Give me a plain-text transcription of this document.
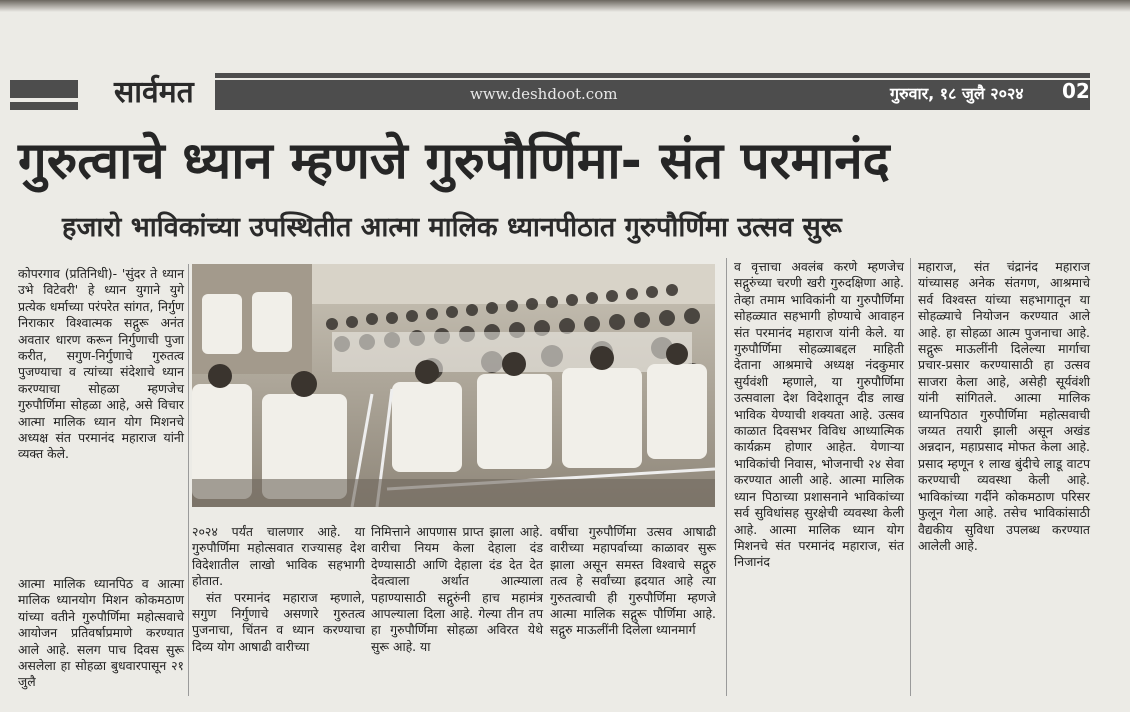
सार्वमत	www.deshdoot.com	गुरुवार, १८ जुलै २०२४ 02
गुरुत्वाचे ध्यान म्हणजे गुरुपौर्णिमा- संत परमानंद
हजारो भाविकांच्या उपस्थितीत आत्मा मालिक ध्यानपीठात गुरुपौर्णिमा उत्सव सुरू

कोपरगाव (प्रतिनिधी)- 'सुंदर ते ध्यान उभे विटेवरी' हे ध्यान युगाने युगे प्रत्येक धर्माच्या परंपरेत सांगत, निर्गुण निराकार विश्वात्मक सद्गुरू अनंत अवतार धारण करून निर्गुणाची पुजा करीत, सगुण-निर्गुणाचे गुरुतत्व पुजण्याचा व त्यांच्या संदेशाचे ध्यान करण्याचा सोहळा म्हणजेच गुरुपौर्णिमा सोहळा आहे, असे विचार आत्मा मालिक ध्यान योग मिशनचे अध्यक्ष संत परमानंद महाराज यांनी व्यक्त केले.

आत्मा मालिक ध्यानपिठ व आत्मा मालिक ध्यानयोग मिशन कोकमठाण यांच्या वतीने गुरुपौर्णिमा महोत्सवाचे आयोजन प्रतिवर्षाप्रमाणे करण्यात आले आहे. सलग पाच दिवस सुरू असलेला हा सोहळा बुधवारपासून २१ जुलै

२०२४ पर्यंत चालणार आहे. या गुरुपौर्णिमा महोत्सवात राज्यासह देश विदेशातील लाखो भाविक सहभागी होतात.

संत परमानंद महाराज म्हणाले, सगुण निर्गुणाचे असणारे गुरुतत्व पुजनाचा, चिंतन व ध्यान करण्याचा दिव्य योग आषाढी वारीच्या

निमित्ताने आपणास प्राप्त झाला आहे. वारीचा नियम केला देहाला दंड देण्यासाठी आणि देहाला दंड देत देत देवत्वाला अर्थात आत्म्याला पहाण्यासाठी सद्गुरुंनी हाच महामंत्र आपल्याला दिला आहे. गेल्या तीन तप हा गुरुपौर्णिमा सोहळा अविरत येथे सुरू आहे. या

वर्षीचा गुरुपौर्णिमा उत्सव आषाढी वारीच्या महापर्वाच्या काळावर सुरू झाला असून समस्त विश्वाचे सद्गुरु तत्व हे सर्वांच्या ह्रदयात आहे त्या गुरुतत्वाची ही गुरुपौर्णिमा म्हणजे आत्मा मालिक सद्गुरू पौर्णिमा आहे. सद्गुरु माऊलींनी दिलेला ध्यानमार्ग

व वृत्ताचा अवलंब करणे म्हणजेच सद्गुरुंच्या चरणी खरी गुरुदक्षिणा आहे. तेव्हा तमाम भाविकांनी या गुरुपौर्णिमा सोहळ्यात सहभागी होण्याचे आवाहन संत परमानंद महाराज यांनी केले. या गुरुपौर्णिमा सोहळ्याबद्दल माहिती देताना आश्रमाचे अध्यक्ष नंदकुमार सुर्यवंशी म्हणाले, या गुरुपौर्णिमा उत्सवाला देश विदेशातून दीड लाख भाविक येण्याची शक्यता आहे. उत्सव काळात दिवसभर विविध आध्यात्मिक कार्यक्रम होणार आहेत. येणाऱ्या भाविकांची निवास, भोजनाची २४ सेवा करण्यात आली आहे. आत्मा मालिक ध्यान पिठाच्या प्रशासनाने भाविकांच्या सर्व सुविधांसह सुरक्षेची व्यवस्था केली आहे. आत्मा मालिक ध्यान योग मिशनचे संत परमानंद महाराज, संत निजानंद

महाराज, संत चंद्रानंद महाराज यांच्यासह अनेक संतगण, आश्रमाचे सर्व विश्वस्त यांच्या सहभागातून या सोहळ्याचे नियोजन करण्यात आले आहे. हा सोहळा आत्म पुजनाचा आहे. सद्गुरू माऊलींनी दिलेल्या मार्गाचा प्रचार-प्रसार करण्यासाठी हा उत्सव साजरा केला आहे, असेही सूर्यवंशी यांनी सांगितले. आत्मा मालिक ध्यानपिठात गुरुपौर्णिमा महोत्सवाची जय्यत तयारी झाली असून अखंड अन्नदान, महाप्रसाद मोफत केला आहे. प्रसाद म्हणून १ लाख बुंदीचे लाडू वाटप करण्याची व्यवस्था केली आहे. भाविकांच्या गर्दीने कोकमठाण परिसर फुलून गेला आहे. तसेच भाविकांसाठी वैद्यकीय सुविधा उपलब्ध करण्यात आलेली आहे.
